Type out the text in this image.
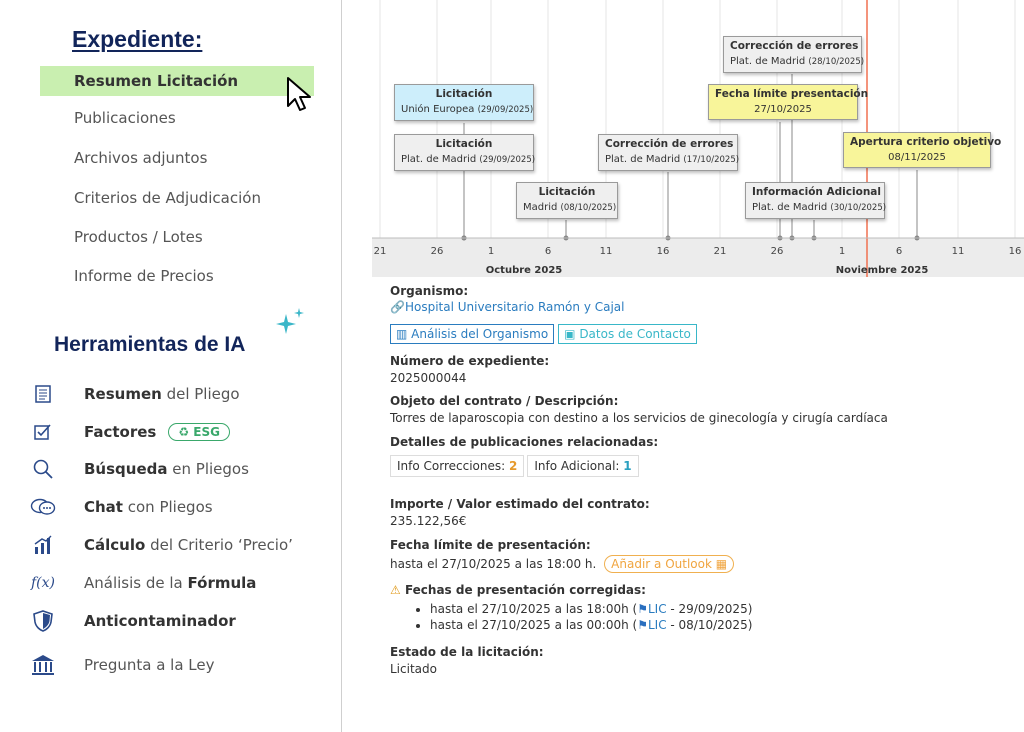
Expediente:
Resumen Licitación
Publicaciones
Archivos adjuntos
Criterios de Adjudicación
Productos / Lotes
Informe de Precios
Herramientas de IA
Resumen del Pliego
Factores	♻ ESG
Búsqueda en Pliegos
Chat con Pliegos
Cálculo del Criterio ‘Precio’
f(x) Análisis de la Fórmula
Anticontaminador
Pregunta a la Ley
21	26	1	6	11	16	21	26	1	6	11	16
Octubre 2025	Noviembre 2025
Licitación
Unión Europea (29/09/2025)
Licitación
Plat. de Madrid (29/09/2025)
Licitación
Madrid (08/10/2025)
Corrección de errores
Plat. de Madrid (17/10/2025)
Corrección de errores
Plat. de Madrid (28/10/2025)
Fecha límite presentación
27/10/2025
Información Adicional
Plat. de Madrid (30/10/2025)
Apertura criterio objetivo
08/11/2025
Organismo:
🔗Hospital Universitario Ramón y Cajal
▥ Análisis del Organismo ▣ Datos de Contacto
Número de expediente:
2025000044
Objeto del contrato / Descripción:
Torres de laparoscopia con destino a los servicios de ginecología y cirugía cardíaca
Detalles de publicaciones relacionadas:
Info Correcciones: 2 Info Adicional: 1
Importe / Valor estimado del contrato:
235.122,56€
Fecha límite de presentación:
hasta el 27/10/2025 a las 18:00 h. Añadir a Outlook ▦
⚠ Fechas de presentación corregidas:
• hasta el 27/10/2025 a las 18:00h (⚑LIC - 29/09/2025)
• hasta el 27/10/2025 a las 00:00h (⚑LIC - 08/10/2025)
Estado de la licitación:
Licitado
